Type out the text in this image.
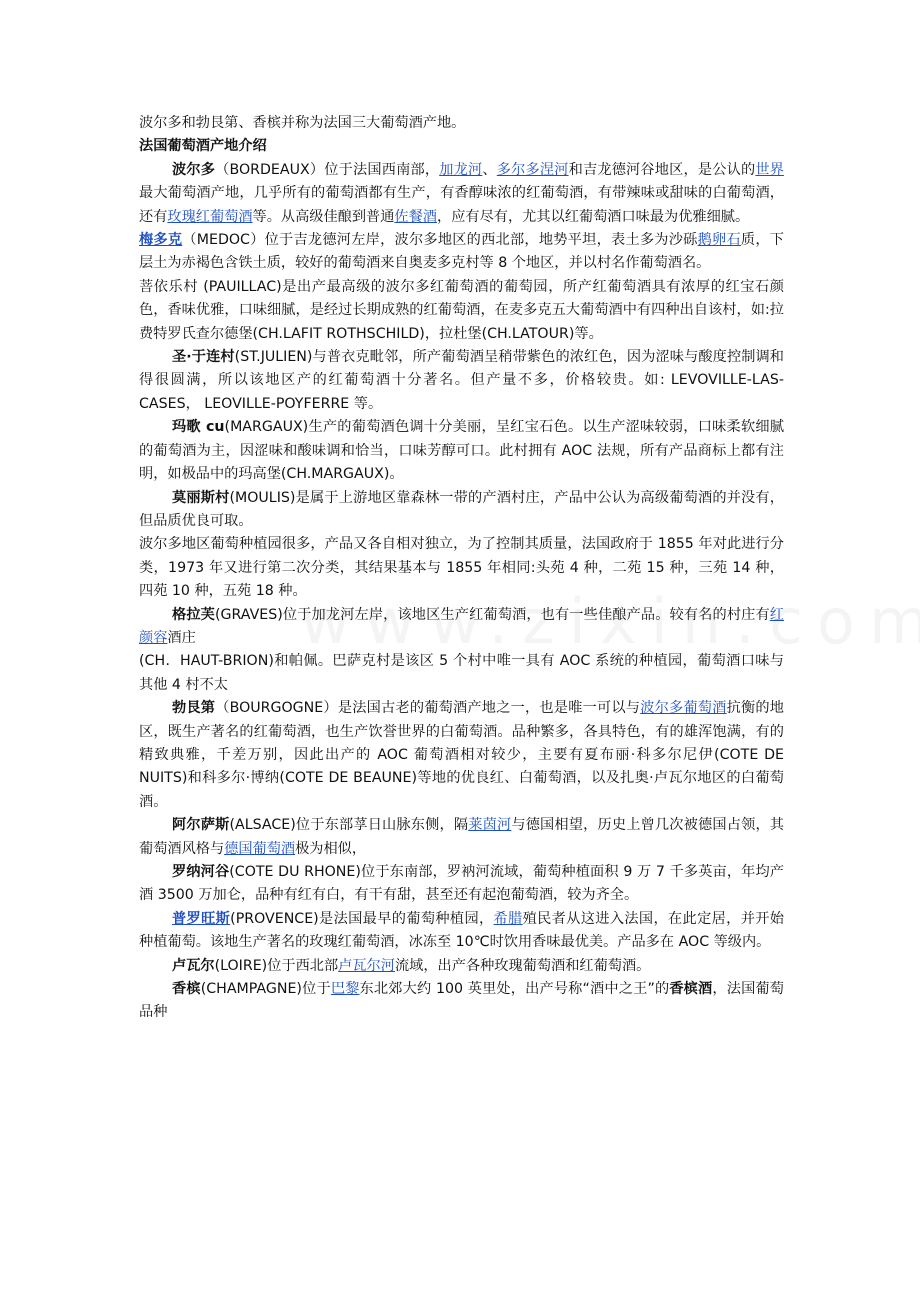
波尔多和勃艮第、香槟并称为法国三大葡萄酒产地。

法国葡萄酒产地介绍

波尔多（BORDEAUX）位于法国西南部，加龙河、多尔多涅河和吉龙德河谷地区，是公认的世界最大葡萄酒产地，几乎所有的葡萄酒都有生产，有香醇味浓的红葡萄酒，有带辣味或甜味的白葡萄酒，还有玫瑰红葡萄酒等。从高级佳酿到普通佐餐酒，应有尽有，尤其以红葡萄酒口味最为优雅细腻。

梅多克（MEDOC）位于吉龙德河左岸，波尔多地区的西北部，地势平坦，表土多为沙砾鹅卵石质，下层土为赤褐色含铁土质，较好的葡萄酒来自奥麦多克村等 8 个地区，并以村名作葡萄酒名。

菩依乐村 (PAUILLAC)是出产最高级的波尔多红葡萄酒的葡萄园，所产红葡萄酒具有浓厚的红宝石颜色，香味优雅，口味细腻，是经过长期成熟的红葡萄酒，在麦多克五大葡萄酒中有四种出自该村，如:拉费特罗氏查尔德堡(CH.LAFIT ROTHSCHILD)，拉杜堡(CH.LATOUR)等。

圣·于连村(ST.JULIEN)与普衣克毗邻，所产葡萄酒呈稍带紫色的浓红色，因为涩味与酸度控制调和得很圆满，所以该地区产的红葡萄酒十分著名。但产量不多，价格较贵。如: LEVOVILLE-LAS-CASES， LEOVILLE-POYFERRE 等。

玛歌 cu(MARGAUX)生产的葡萄酒色调十分美丽，呈红宝石色。以生产涩味较弱，口味柔软细腻的葡萄酒为主，因涩味和酸味调和恰当，口味芳醇可口。此村拥有 AOC 法规，所有产品商标上都有注明，如极品中的玛高堡(CH.MARGAUX)。

莫丽斯村(MOULIS)是属于上游地区靠森林一带的产酒村庄，产品中公认为高级葡萄酒的并没有，但品质优良可取。

波尔多地区葡萄种植园很多，产品又各自相对独立，为了控制其质量，法国政府于 1855 年对此进行分类，1973 年又进行第二次分类，其结果基本与 1855 年相同:头苑 4 种，二苑 15 种，三苑 14 种，四苑 10 种，五苑 18 种。

格拉芙(GRAVES)位于加龙河左岸，该地区生产红葡萄酒，也有一些佳酿产品。较有名的村庄有红颜容酒庄

(CH．HAUT-BRION)和帕佩。巴萨克村是该区 5 个村中唯一具有 AOC 系统的种植园，葡萄酒口味与其他 4 村不太

勃艮第（BOURGOGNE）是法国古老的葡萄酒产地之一，也是唯一可以与波尔多葡萄酒抗衡的地区，既生产著名的红葡萄酒，也生产饮誉世界的白葡萄酒。品种繁多，各具特色，有的雄浑饱满，有的精致典雅，千差万别，因此出产的 AOC 葡萄酒相对较少，主要有夏布丽·科多尔尼伊(COTE DE NUITS)和科多尔·博纳(COTE DE BEAUNE)等地的优良红、白葡萄酒，以及扎奥·卢瓦尔地区的白葡萄酒。

阿尔萨斯(ALSACE)位于东部莩日山脉东侧，隔莱茵河与德国相望，历史上曾几次被德国占领，其葡萄酒风格与德国葡萄酒极为相似，

罗纳河谷(COTE DU RHONE)位于东南部，罗衲河流域，葡萄种植面积 9 万 7 千多英亩，年均产酒 3500 万加仑，品种有红有白，有干有甜，甚至还有起泡葡萄酒，较为齐全。

普罗旺斯(PROVENCE)是法国最早的葡萄种植园，希腊殖民者从这进入法国，在此定居，并开始种植葡萄。该地生产著名的玫瑰红葡萄酒，冰冻至 10℃时饮用香味最优美。产品多在 AOC 等级内。

卢瓦尔(LOIRE)位于西北部卢瓦尔河流域，出产各种玫瑰葡萄酒和红葡萄酒。

香槟(CHAMPAGNE)位于巴黎东北郊大约 100 英里处，出产号称“酒中之王”的香槟酒，法国葡萄品种
